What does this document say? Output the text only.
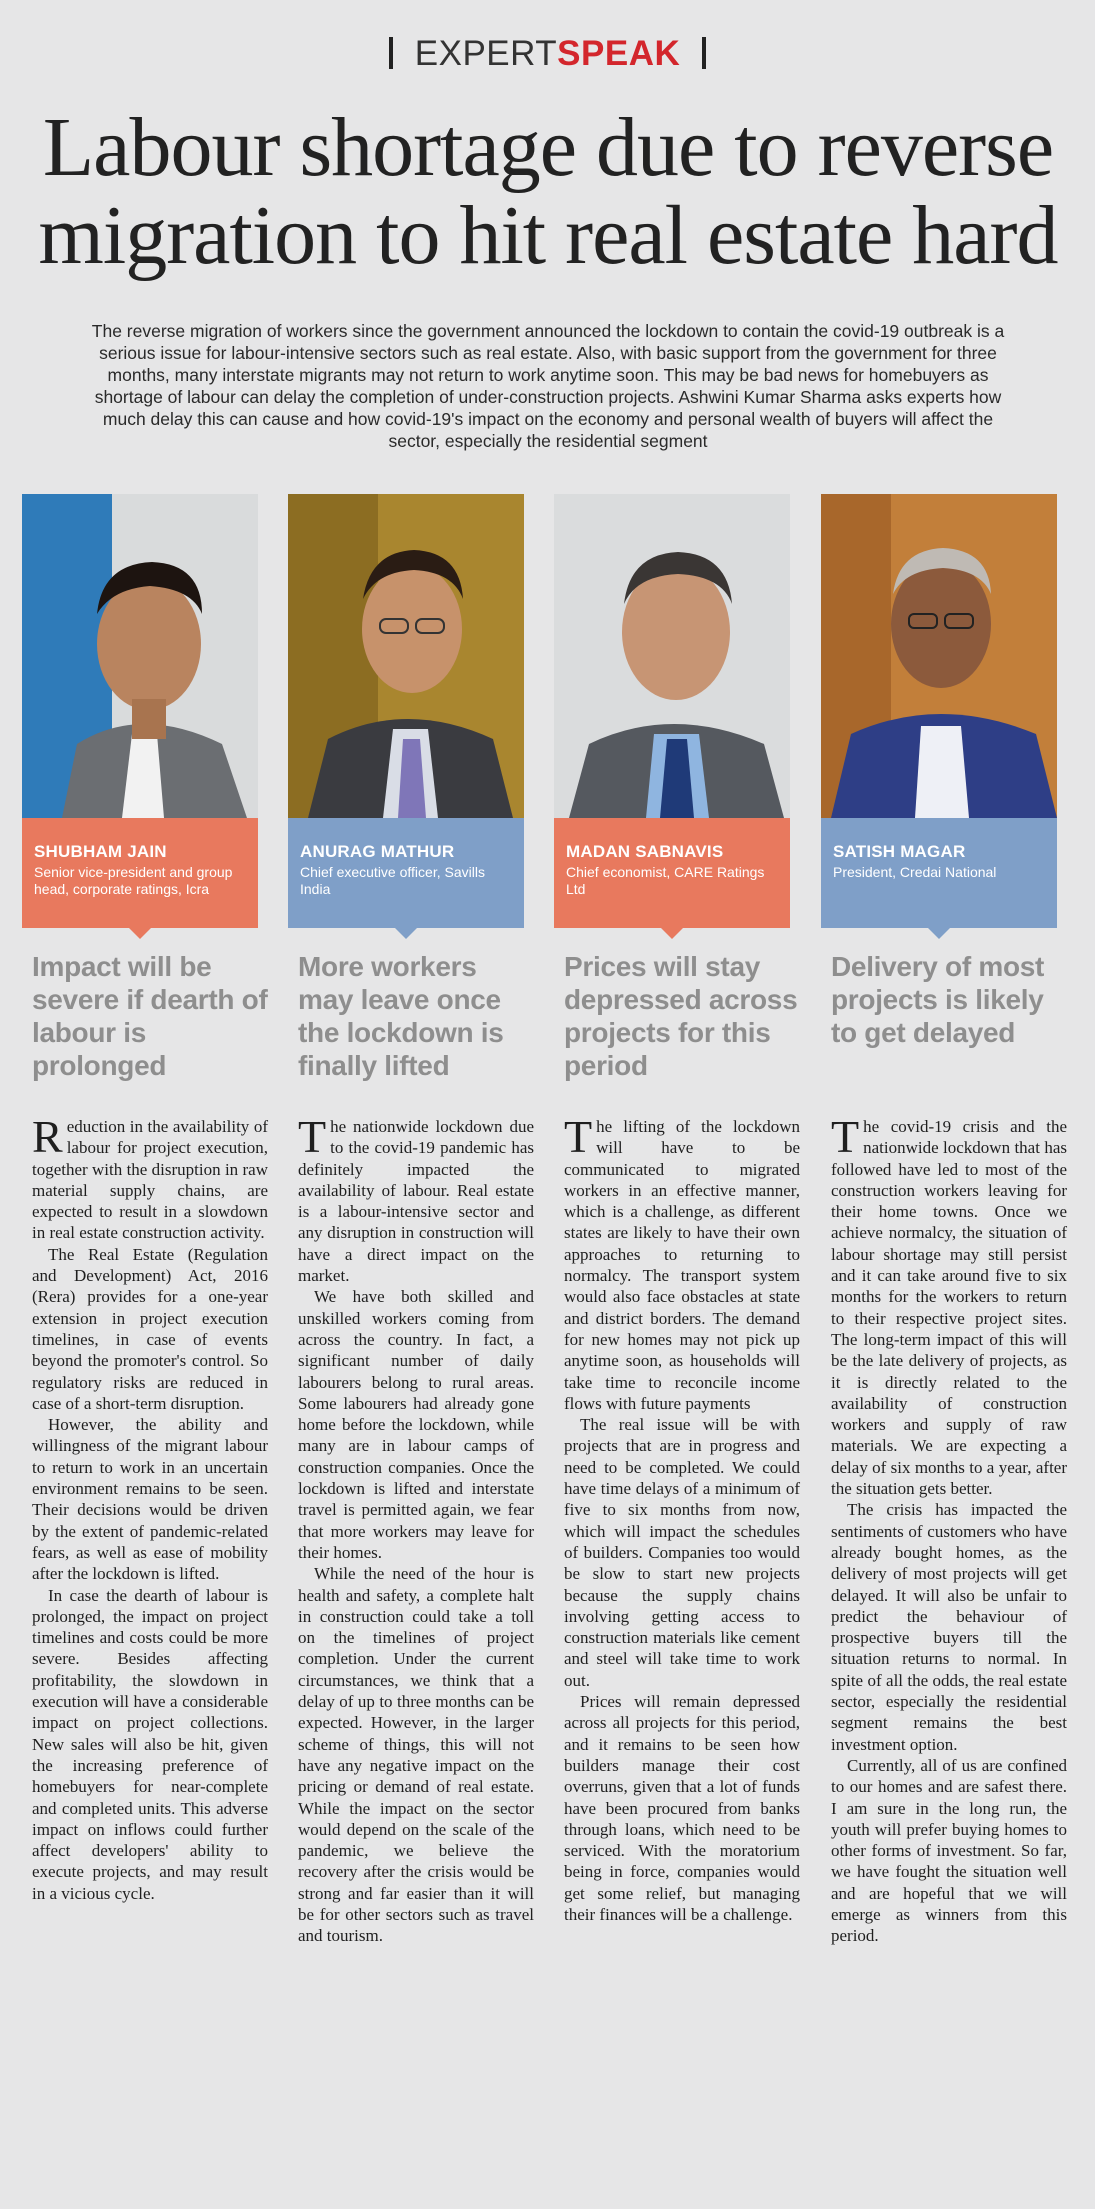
EXPERTSPEAK
Labour shortage due to reverse
migration to hit real estate hard
The reverse migration of workers since the government announced the lockdown to contain the covid-19 outbreak is a serious issue for labour-intensive sectors such as real estate. Also, with basic support from the government for three months, many interstate migrants may not return to work anytime soon. This may be bad news for homebuyers as shortage of labour can delay the completion of under-construction projects. Ashwini Kumar Sharma asks experts how much delay this can cause and how covid-19's impact on the economy and personal wealth of buyers will affect the sector, especially the residential segment
SHUBHAM JAIN
Senior vice-president and group head, corporate ratings, Icra
Impact will be severe if dearth of labour is prolonged

Reduction in the availability of labour for project execution, together with the disruption in raw material supply chains, are expected to result in a slowdown in real estate construction activity.

The Real Estate (Regulation and Development) Act, 2016 (Rera) provides for a one-year extension in project execution timelines, in case of events beyond the promoter's control. So regulatory risks are reduced in case of a short-term disruption.

However, the ability and willingness of the migrant labour to return to work in an uncertain environment remains to be seen. Their decisions would be driven by the extent of pandemic-related fears, as well as ease of mobility after the lockdown is lifted.

In case the dearth of labour is prolonged, the impact on project timelines and costs could be more severe. Besides affecting profitability, the slowdown in execution will have a considerable impact on project collections. New sales will also be hit, given the increasing preference of homebuyers for near-complete and completed units. This adverse impact on inflows could further affect developers' ability to execute projects, and may result in a vicious cycle.

ANURAG MATHUR
Chief executive officer, Savills India
More workers may leave once the lockdown is finally lifted

The nationwide lockdown due to the covid-19 pandemic has definitely impacted the availability of labour. Real estate is a labour-intensive sector and any disruption in construction will have a direct impact on the market.

We have both skilled and unskilled workers coming from across the country. In fact, a significant number of daily labourers belong to rural areas. Some labourers had already gone home before the lockdown, while many are in labour camps of construction companies. Once the lockdown is lifted and interstate travel is permitted again, we fear that more workers may leave for their homes.

While the need of the hour is health and safety, a complete halt in construction could take a toll on the timelines of project completion. Under the current circumstances, we think that a delay of up to three months can be expected. However, in the larger scheme of things, this will not have any negative impact on the pricing or demand of real estate. While the impact on the sector would depend on the scale of the pandemic, we believe the recovery after the crisis would be strong and far easier than it will be for other sectors such as travel and tourism.

MADAN SABNAVIS
Chief economist, CARE Ratings Ltd
Prices will stay depressed across projects for this period

The lifting of the lockdown will have to be communicated to migrated workers in an effective manner, which is a challenge, as different states are likely to have their own approaches to returning to normalcy. The transport system would also face obstacles at state and district borders. The demand for new homes may not pick up anytime soon, as households will take time to reconcile income flows with future payments

The real issue will be with projects that are in progress and need to be completed. We could have time delays of a minimum of five to six months from now, which will impact the schedules of builders. Companies too would be slow to start new projects because the supply chains involving getting access to construction materials like cement and steel will take time to work out.

Prices will remain depressed across all projects for this period, and it remains to be seen how builders manage their cost overruns, given that a lot of funds have been procured from banks through loans, which need to be serviced. With the moratorium being in force, companies would get some relief, but managing their finances will be a challenge.

SATISH MAGAR
President, Credai National
Delivery of most projects is likely to get delayed

The covid-19 crisis and the nationwide lockdown that has followed have led to most of the construction workers leaving for their home towns. Once we achieve normalcy, the situation of labour shortage may still persist and it can take around five to six months for the workers to return to their respective project sites. The long-term impact of this will be the late delivery of projects, as it is directly related to the availability of construction workers and supply of raw materials. We are expecting a delay of six months to a year, after the situation gets better.

The crisis has impacted the sentiments of customers who have already bought homes, as the delivery of most projects will get delayed. It will also be unfair to predict the behaviour of prospective buyers till the situation returns to normal. In spite of all the odds, the real estate sector, especially the residential segment remains the best investment option.

Currently, all of us are confined to our homes and are safest there. I am sure in the long run, the youth will prefer buying homes to other forms of investment. So far, we have fought the situation well and are hopeful that we will emerge as winners from this period.
